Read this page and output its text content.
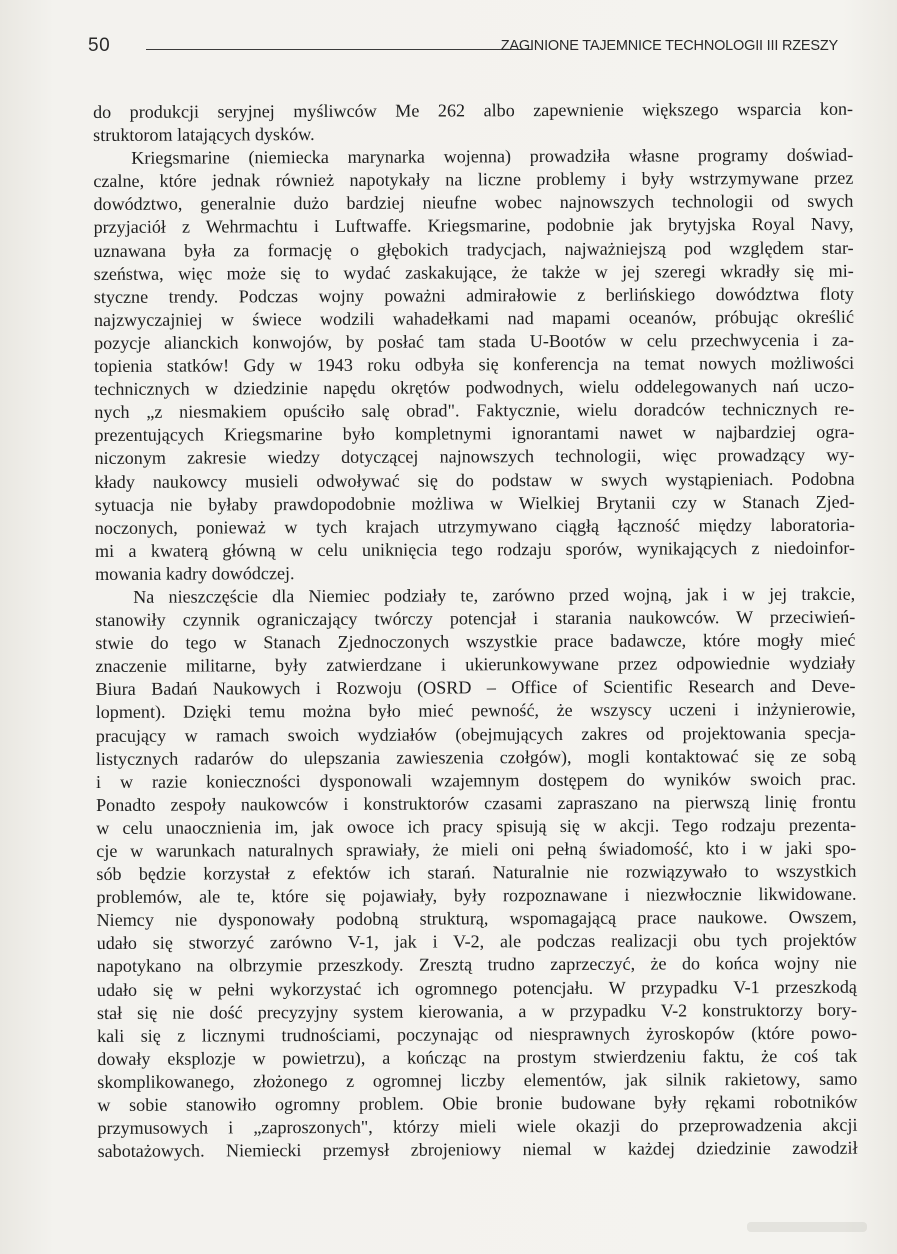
50	ZAGINIONE TAJEMNICE TECHNOLOGII III RZESZY
do produkcji seryjnej myśliwców Me 262 albo zapewnienie większego wsparcia kon-
struktorom latających dysków.
Kriegsmarine (niemiecka marynarka wojenna) prowadziła własne programy doświad-
czalne, które jednak również napotykały na liczne problemy i były wstrzymywane przez
dowództwo, generalnie dużo bardziej nieufne wobec najnowszych technologii od swych
przyjaciół z Wehrmachtu i Luftwaffe. Kriegsmarine, podobnie jak brytyjska Royal Navy,
uznawana była za formację o głębokich tradycjach, najważniejszą pod względem star-
szeństwa, więc może się to wydać zaskakujące, że także w jej szeregi wkradły się mi-
styczne trendy. Podczas wojny poważni admirałowie z berlińskiego dowództwa floty
najzwyczajniej w świece wodzili wahadełkami nad mapami oceanów, próbując określić
pozycje alianckich konwojów, by posłać tam stada U-Bootów w celu przechwycenia i za-
topienia statków! Gdy w 1943 roku odbyła się konferencja na temat nowych możliwości
technicznych w dziedzinie napędu okrętów podwodnych, wielu oddelegowanych nań uczo-
nych „z niesmakiem opuściło salę obrad". Faktycznie, wielu doradców technicznych re-
prezentujących Kriegsmarine było kompletnymi ignorantami nawet w najbardziej ogra-
niczonym zakresie wiedzy dotyczącej najnowszych technologii, więc prowadzący wy-
kłady naukowcy musieli odwoływać się do podstaw w swych wystąpieniach. Podobna
sytuacja nie byłaby prawdopodobnie możliwa w Wielkiej Brytanii czy w Stanach Zjed-
noczonych, ponieważ w tych krajach utrzymywano ciągłą łączność między laboratoria-
mi a kwaterą główną w celu uniknięcia tego rodzaju sporów, wynikających z niedoinfor-
mowania kadry dowódczej.
Na nieszczęście dla Niemiec podziały te, zarówno przed wojną, jak i w jej trakcie,
stanowiły czynnik ograniczający twórczy potencjał i starania naukowców. W przeciwień-
stwie do tego w Stanach Zjednoczonych wszystkie prace badawcze, które mogły mieć
znaczenie militarne, były zatwierdzane i ukierunkowywane przez odpowiednie wydziały
Biura Badań Naukowych i Rozwoju (OSRD – Office of Scientific Research and Deve-
lopment). Dzięki temu można było mieć pewność, że wszyscy uczeni i inżynierowie,
pracujący w ramach swoich wydziałów (obejmujących zakres od projektowania specja-
listycznych radarów do ulepszania zawieszenia czołgów), mogli kontaktować się ze sobą
i w razie konieczności dysponowali wzajemnym dostępem do wyników swoich prac.
Ponadto zespoły naukowców i konstruktorów czasami zapraszano na pierwszą linię frontu
w celu unaocznienia im, jak owoce ich pracy spisują się w akcji. Tego rodzaju prezenta-
cje w warunkach naturalnych sprawiały, że mieli oni pełną świadomość, kto i w jaki spo-
sób będzie korzystał z efektów ich starań. Naturalnie nie rozwiązywało to wszystkich
problemów, ale te, które się pojawiały, były rozpoznawane i niezwłocznie likwidowane.
Niemcy nie dysponowały podobną strukturą, wspomagającą prace naukowe. Owszem,
udało się stworzyć zarówno V-1, jak i V-2, ale podczas realizacji obu tych projektów
napotykano na olbrzymie przeszkody. Zresztą trudno zaprzeczyć, że do końca wojny nie
udało się w pełni wykorzystać ich ogromnego potencjału. W przypadku V-1 przeszkodą
stał się nie dość precyzyjny system kierowania, a w przypadku V-2 konstruktorzy bory-
kali się z licznymi trudnościami, poczynając od niesprawnych żyroskopów (które powo-
dowały eksplozje w powietrzu), a kończąc na prostym stwierdzeniu faktu, że coś tak
skomplikowanego, złożonego z ogromnej liczby elementów, jak silnik rakietowy, samo
w sobie stanowiło ogromny problem. Obie bronie budowane były rękami robotników
przymusowych i „zaproszonych", którzy mieli wiele okazji do przeprowadzenia akcji
sabotażowych. Niemiecki przemysł zbrojeniowy niemal w każdej dziedzinie zawodził
